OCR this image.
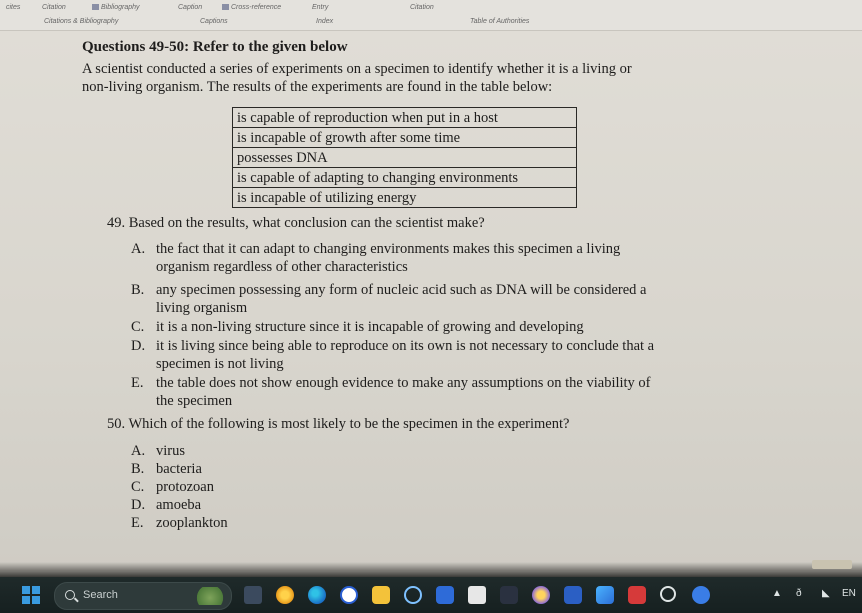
cites	Citation	Bibliography	Caption	Cross-reference	Entry	Citation
Citations & Bibliography	Captions	Index	Table of Authorities
Questions 49-50: Refer to the given below
A scientist conducted a series of experiments on a specimen to identify whether it is a living or
non-living organism. The results of the experiments are found in the table below:
is capable of reproduction when put in a host
is incapable of growth after some time
possesses DNA
is capable of adapting to changing environments
is incapable of utilizing energy
49. Based on the results, what conclusion can the scientist make?
A. the fact that it can adapt to changing environments makes this specimen a living
organism regardless of other characteristics
B. any specimen possessing any form of nucleic acid such as DNA will be considered a
living organism
C. it is a non-living structure since it is incapable of growing and developing
D. it is living since being able to reproduce on its own is not necessary to conclude that a
specimen is not living
E. the table does not show enough evidence to make any assumptions on the viability of
the specimen
50. Which of the following is most likely to be the specimen in the experiment?
A. virus
B. bacteria
C. protozoan
D. amoeba
E. zooplankton
Search	▲ ð ◣ EN
